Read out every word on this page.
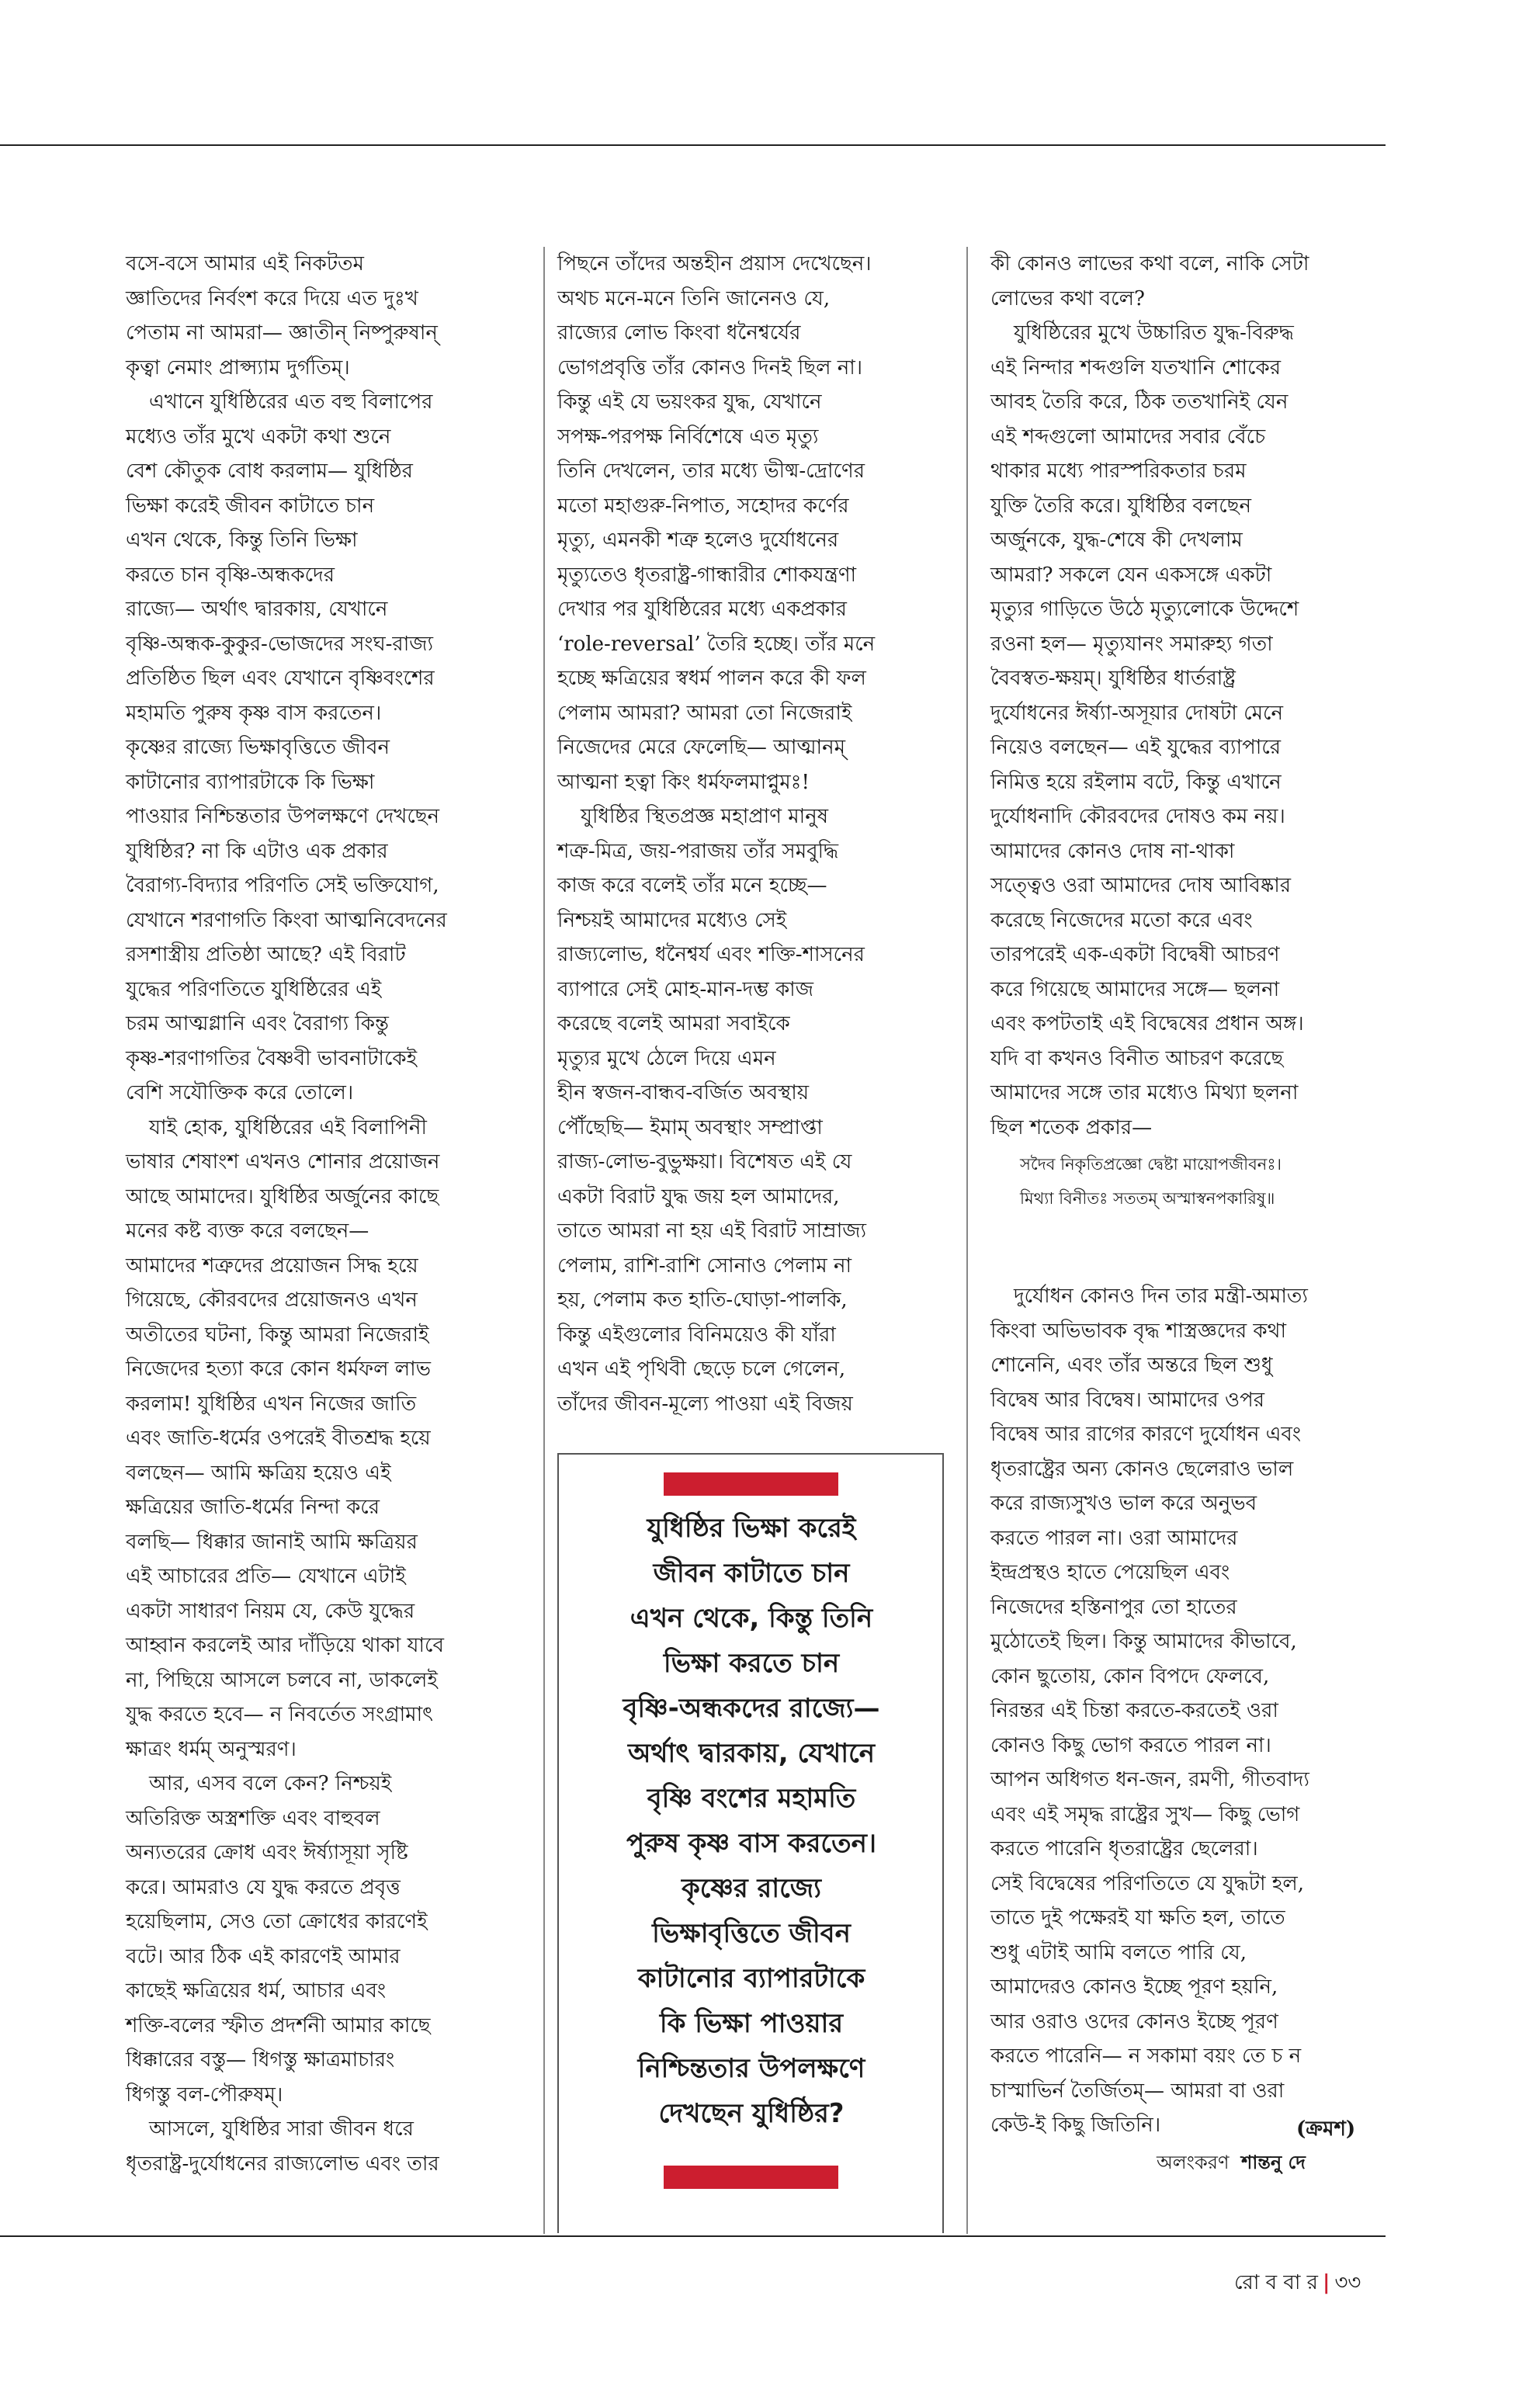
বসে-বসে আমার এই নিকটতম

জ্ঞাতিদের নির্বংশ করে দিয়ে এত দুঃখ

পেতাম না আমরা— জ্ঞাতীন্ নিষ্পুরুষান্

কৃত্বা নেমাং প্রাপ্স্যাম দুর্গতিম্।

এখানে যুধিষ্ঠিরের এত বহু বিলাপের

মধ্যেও তাঁর মুখে একটা কথা শুনে

বেশ কৌতুক বোধ করলাম— যুধিষ্ঠির

ভিক্ষা করেই জীবন কাটাতে চান

এখন থেকে, কিন্তু তিনি ভিক্ষা

করতে চান বৃষ্ণি-অন্ধকদের

রাজ্যে— অর্থাৎ দ্বারকায়, যেখানে

বৃষ্ণি-অন্ধক-কুকুর-ভোজদের সংঘ-রাজ্য

প্রতিষ্ঠিত ছিল এবং যেখানে বৃষ্ণিবংশের

মহামতি পুরুষ কৃষ্ণ বাস করতেন।

কৃষ্ণের রাজ্যে ভিক্ষাবৃত্তিতে জীবন

কাটানোর ব্যাপারটাকে কি ভিক্ষা

পাওয়ার নিশ্চিন্ততার উপলক্ষণে দেখছেন

যুধিষ্ঠির? না কি এটাও এক প্রকার

বৈরাগ্য-বিদ্যার পরিণতি সেই ভক্তিযোগ,

যেখানে শরণাগতি কিংবা আত্মনিবেদনের

রসশাস্ত্রীয় প্রতিষ্ঠা আছে? এই বিরাট

যুদ্ধের পরিণতিতে যুধিষ্ঠিরের এই

চরম আত্মগ্লানি এবং বৈরাগ্য কিন্তু

কৃষ্ণ-শরণাগতির বৈষ্ণবী ভাবনাটাকেই

বেশি সযৌক্তিক করে তোলে।

যাই হোক, যুধিষ্ঠিরের এই বিলাপিনী

ভাষার শেষাংশ এখনও শোনার প্রয়োজন

আছে আমাদের। যুধিষ্ঠির অর্জুনের কাছে

মনের কষ্ট ব্যক্ত করে বলছেন—

আমাদের শত্রুদের প্রয়োজন সিদ্ধ হয়ে

গিয়েছে, কৌরবদের প্রয়োজনও এখন

অতীতের ঘটনা, কিন্তু আমরা নিজেরাই

নিজেদের হত্যা করে কোন ধর্মফল লাভ

করলাম! যুধিষ্ঠির এখন নিজের জাতি

এবং জাতি-ধর্মের ওপরেই বীতশ্রদ্ধ হয়ে

বলছেন— আমি ক্ষত্রিয় হয়েও এই

ক্ষত্রিয়ের জাতি-ধর্মের নিন্দা করে

বলছি— ধিক্কার জানাই আমি ক্ষত্রিয়র

এই আচারের প্রতি— যেখানে এটাই

একটা সাধারণ নিয়ম যে, কেউ যুদ্ধের

আহ্বান করলেই আর দাঁড়িয়ে থাকা যাবে

না, পিছিয়ে আসলে চলবে না, ডাকলেই

যুদ্ধ করতে হবে— ন নিবর্তেত সংগ্রামাৎ

ক্ষাত্রং ধর্মম্ অনুস্মরণ।

আর, এসব বলে কেন? নিশ্চয়ই

অতিরিক্ত অস্ত্রশক্তি এবং বাহুবল

অন্যতরের ক্রোধ এবং ঈর্ষ্যাসূয়া সৃষ্টি

করে। আমরাও যে যুদ্ধ করতে প্রবৃত্ত

হয়েছিলাম, সেও তো ক্রোধের কারণেই

বটে। আর ঠিক এই কারণেই আমার

কাছেই ক্ষত্রিয়ের ধর্ম, আচার এবং

শক্তি-বলের স্ফীত প্রদর্শনী আমার কাছে

ধিক্কারের বস্তু— ধিগস্তু ক্ষাত্রমাচারং

ধিগস্তু বল-পৌরুষম্।

আসলে, যুধিষ্ঠির সারা জীবন ধরে

ধৃতরাষ্ট্র-দুর্যোধনের রাজ্যলোভ এবং তার

পিছনে তাঁদের অন্তহীন প্রয়াস দেখেছেন।

অথচ মনে-মনে তিনি জানেনও যে,

রাজ্যের লোভ কিংবা ধনৈশ্বর্যের

ভোগপ্রবৃত্তি তাঁর কোনও দিনই ছিল না।

কিন্তু এই যে ভয়ংকর যুদ্ধ, যেখানে

সপক্ষ-পরপক্ষ নির্বিশেষে এত মৃত্যু

তিনি দেখলেন, তার মধ্যে ভীষ্ম-দ্রোণের

মতো মহাগুরু-নিপাত, সহোদর কর্ণের

মৃত্যু, এমনকী শত্রু হলেও দুর্যোধনের

মৃত্যুতেও ধৃতরাষ্ট্র-গান্ধারীর শোকযন্ত্রণা

দেখার পর যুধিষ্ঠিরের মধ্যে একপ্রকার

‘role-reversal’ তৈরি হচ্ছে। তাঁর মনে

হচ্ছে ক্ষত্রিয়ের স্বধর্ম পালন করে কী ফল

পেলাম আমরা? আমরা তো নিজেরাই

নিজেদের মেরে ফেলেছি— আত্মানম্

আত্মনা হত্বা কিং ধর্মফলমাপ্নুমঃ!

যুধিষ্ঠির স্থিতপ্রজ্ঞ মহাপ্রাণ মানুষ

শত্রু-মিত্র, জয়-পরাজয় তাঁর সমবুদ্ধি

কাজ করে বলেই তাঁর মনে হচ্ছে—

নিশ্চয়ই আমাদের মধ্যেও সেই

রাজ্যলোভ, ধনৈশ্বর্য এবং শক্তি-শাসনের

ব্যাপারে সেই মোহ-মান-দম্ভ কাজ

করেছে বলেই আমরা সবাইকে

মৃত্যুর মুখে ঠেলে দিয়ে এমন

হীন স্বজন-বান্ধব-বর্জিত অবস্থায়

পৌঁছেছি— ইমাম্ অবস্থাং সম্প্রাপ্তা

রাজ্য-লোভ-বুভুক্ষয়া। বিশেষত এই যে

একটা বিরাট যুদ্ধ জয় হল আমাদের,

তাতে আমরা না হয় এই বিরাট সাম্রাজ্য

পেলাম, রাশি-রাশি সোনাও পেলাম না

হয়, পেলাম কত হাতি-ঘোড়া-পালকি,

কিন্তু এইগুলোর বিনিময়েও কী যাঁরা

এখন এই পৃথিবী ছেড়ে চলে গেলেন,

তাঁদের জীবন-মূল্যে পাওয়া এই বিজয়

কী কোনও লাভের কথা বলে, নাকি সেটা

লোভের কথা বলে?

যুধিষ্ঠিরের মুখে উচ্চারিত যুদ্ধ-বিরুদ্ধ

এই নিন্দার শব্দগুলি যতখানি শোকের

আবহ তৈরি করে, ঠিক ততখানিই যেন

এই শব্দগুলো আমাদের সবার বেঁচে

থাকার মধ্যে পারস্পরিকতার চরম

যুক্তি তৈরি করে। যুধিষ্ঠির বলছেন

অর্জুনকে, যুদ্ধ-শেষে কী দেখলাম

আমরা? সকলে যেন একসঙ্গে একটা

মৃত্যুর গাড়িতে উঠে মৃত্যুলোকে উদ্দেশে

রওনা হল— মৃত্যুযানং সমারুহ্য গতা

বৈবস্বত-ক্ষয়ম্। যুধিষ্ঠির ধার্তরাষ্ট্র

দুর্যোধনের ঈর্ষ্যা-অসূয়ার দোষটা মেনে

নিয়েও বলছেন— এই যুদ্ধের ব্যাপারে

নিমিত্ত হয়ে রইলাম বটে, কিন্তু এখানে

দুর্যোধনাদি কৌরবদের দোষও কম নয়।

আমাদের কোনও দোষ না-থাকা

সত্ত্বেও ওরা আমাদের দোষ আবিষ্কার

করেছে নিজেদের মতো করে এবং

তারপরেই এক-একটা বিদ্বেষী আচরণ

করে গিয়েছে আমাদের সঙ্গে— ছলনা

এবং কপটতাই এই বিদ্বেষের প্রধান অঙ্গ।

যদি বা কখনও বিনীত আচরণ করেছে

আমাদের সঙ্গে তার মধ্যেও মিথ্যা ছলনা

ছিল শতেক প্রকার—

যুধিষ্ঠির ভিক্ষা করেই

জীবন কাটাতে চান

এখন থেকে, কিন্তু তিনি

ভিক্ষা করতে চান

বৃষ্ণি-অন্ধকদের রাজ্যে—

অর্থাৎ দ্বারকায়, যেখানে

বৃষ্ণি বংশের মহামতি

পুরুষ কৃষ্ণ বাস করতেন।

কৃষ্ণের রাজ্যে

ভিক্ষাবৃত্তিতে জীবন

কাটানোর ব্যাপারটাকে

কি ভিক্ষা পাওয়ার

নিশ্চিন্ততার উপলক্ষণে

দেখছেন যুধিষ্ঠির?

সদৈব নিকৃতিপ্রজ্ঞো দ্বেষ্টা মায়োপজীবনঃ।

মিথ্যা বিনীতঃ সততম্ অস্মাস্বনপকারিষু॥

দুর্যোধন কোনও দিন তার মন্ত্রী-অমাত্য

কিংবা অভিভাবক বৃদ্ধ শাস্ত্রজ্ঞদের কথা

শোনেনি, এবং তাঁর অন্তরে ছিল শুধু

বিদ্বেষ আর বিদ্বেষ। আমাদের ওপর

বিদ্বেষ আর রাগের কারণে দুর্যোধন এবং

ধৃতরাষ্ট্রের অন্য কোনও ছেলেরাও ভাল

করে রাজ্যসুখও ভাল করে অনুভব

করতে পারল না। ওরা আমাদের

ইন্দ্রপ্রস্থও হাতে পেয়েছিল এবং

নিজেদের হস্তিনাপুর তো হাতের

মুঠোতেই ছিল। কিন্তু আমাদের কীভাবে,

কোন ছুতোয়, কোন বিপদে ফেলবে,

নিরন্তর এই চিন্তা করতে-করতেই ওরা

কোনও কিছু ভোগ করতে পারল না।

আপন অধিগত ধন-জন, রমণী, গীতবাদ্য

এবং এই সমৃদ্ধ রাষ্ট্রের সুখ— কিছু ভোগ

করতে পারেনি ধৃতরাষ্ট্রের ছেলেরা।

সেই বিদ্বেষের পরিণতিতে যে যুদ্ধটা হল,

তাতে দুই পক্ষেরই যা ক্ষতি হল, তাতে

শুধু এটাই আমি বলতে পারি যে,

আমাদেরও কোনও ইচ্ছে পূরণ হয়নি,

আর ওরাও ওদের কোনও ইচ্ছে পূরণ

করতে পারেনি— ন সকামা বয়ং তে চ ন

চাস্মাভির্ন তৈর্জিতম্— আমরা বা ওরা

কেউ-ই কিছু জিতিনি।	(ক্রমশ)
অলংকরণ শান্তনু দে
রো ব বা র | ৩৩
